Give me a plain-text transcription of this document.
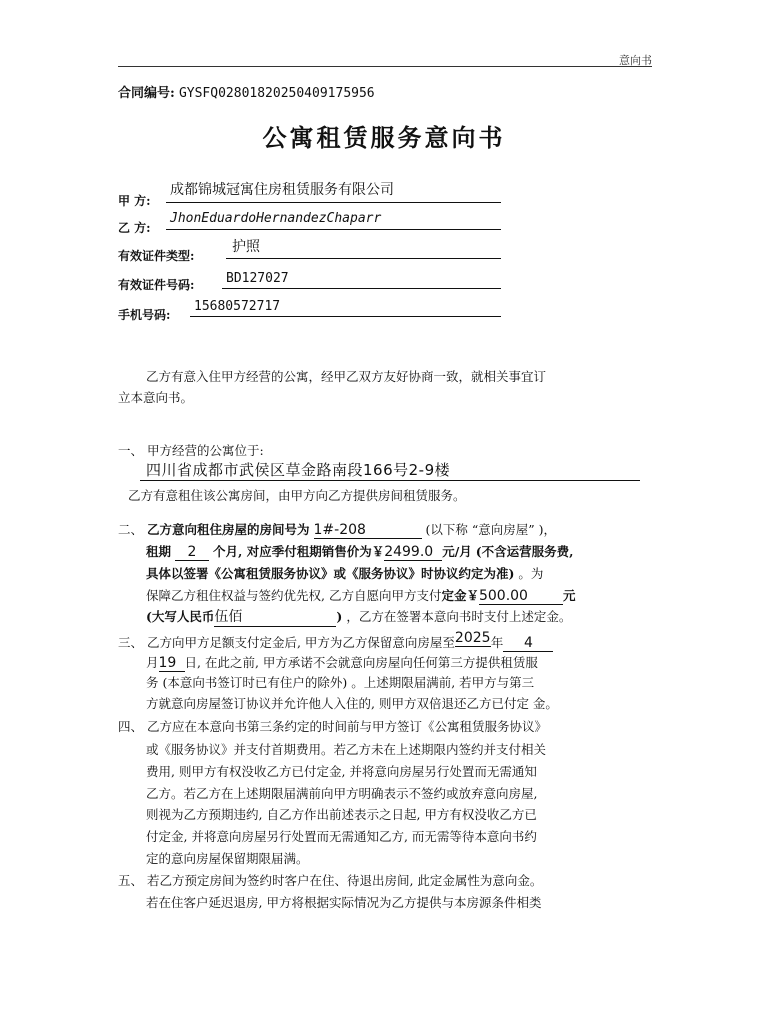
意向书
合同编号: GYSFQ02801820250409175956
公寓租赁服务意向书
甲 方:
成都锦城冠寓住房租赁服务有限公司
乙 方:
JhonEduardoHernandezChaparr
有效证件类型:
护照
有效证件号码: BD127027
手机号码:
15680572717
乙方有意入住甲方经营的公寓，经甲乙双方友好协商一致，就相关事宜订
立本意向书。
一、 甲方经营的公寓位于:
四川省成都市武侯区草金路南段166号2-9楼
乙方有意租住该公寓房间，由甲方向乙方提供房间租赁服务。
二、 乙方意向租住房屋的房间号为 1#-208	(以下称 “意向房屋” )，
租期 2 个月, 对应季付租期销售价为￥2499.0 元/月 (不含运营服务费,
具体以签署《公寓租赁服务协议》或《服务协议》时协议约定为准) 。为
保障乙方租住权益与签约优先权, 乙方自愿向甲方支付定金￥500.00	元
(大写人民币伍佰	) ，乙方在签署本意向书时支付上述定金。
三、 乙方向甲方足额支付定金后, 甲方为乙方保留意向房屋至2025年 4
月19 日, 在此之前, 甲方承诺不会就意向房屋向任何第三方提供租赁服
务 (本意向书签订时已有住户的除外) 。上述期限届满前, 若甲方与第三
方就意向房屋签订协议并允许他人入住的, 则甲方双倍退还乙方已付定 金。
四、 乙方应在本意向书第三条约定的时间前与甲方签订《公寓租赁服务协议》
或《服务协议》并支付首期费用。若乙方未在上述期限内签约并支付相关
费用, 则甲方有权没收乙方已付定金, 并将意向房屋另行处置而无需通知
乙方。若乙方在上述期限届满前向甲方明确表示不签约或放弃意向房屋,
则视为乙方预期违约, 自乙方作出前述表示之日起, 甲方有权没收乙方已
付定金, 并将意向房屋另行处置而无需通知乙方, 而无需等待本意向书约
定的意向房屋保留期限届满。
五、 若乙方预定房间为签约时客户在住、待退出房间, 此定金属性为意向金。
若在住客户延迟退房, 甲方将根据实际情况为乙方提供与本房源条件相类
